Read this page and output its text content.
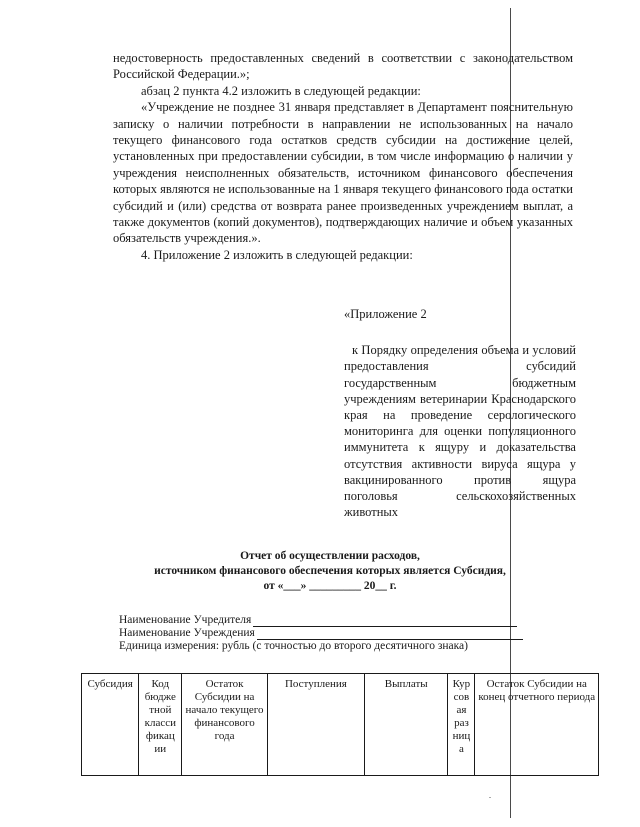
недостоверность предоставленных сведений в соответствии с законодательством Российской Федерации.»;

абзац 2 пункта 4.2 изложить в следующей редакции:

«Учреждение не позднее 31 января представляет в Департамент пояснительную записку о наличии потребности в направлении не использованных на начало текущего финансового года остатков средств субсидии на достижение целей, установленных при предоставлении субсидии, в том числе информацию о наличии у учреждения неисполненных обязательств, источником финансового обеспечения которых являются не использованные на 1 января текущего финансового года остатки субсидий и (или) средства от возврата ранее произведенных учреждением выплат, а также документов (копий документов), подтверждающих наличие и объем указанных обязательств учреждения.».

4. Приложение 2 изложить в следующей редакции:

«Приложение 2

к Порядку определения объема и условий предоставления субсидий государственным бюджетным учреждениям ветеринарии Краснодарского края на проведение серологического мониторинга для оценки популяционного иммунитета к ящуру и доказательства отсутствия активности вируса ящура у вакцинированного против ящура поголовья сельскохозяйственных животных

Отчет об осуществлении расходов,
источником финансового обеспечения которых является Субсидия,
от «___» _________ 20__ г.
Наименование Учредителя
Наименование Учреждения
Единица измерения: рубль (с точностью до второго десятичного знака)
Субсидия	Код бюдже тной класси фикац ии	Остаток Субсидии на начало текущего финансового года	Поступления	Выплаты	Кур сов ая раз ниц а	Остаток Субсидии на конец отчетного периода
